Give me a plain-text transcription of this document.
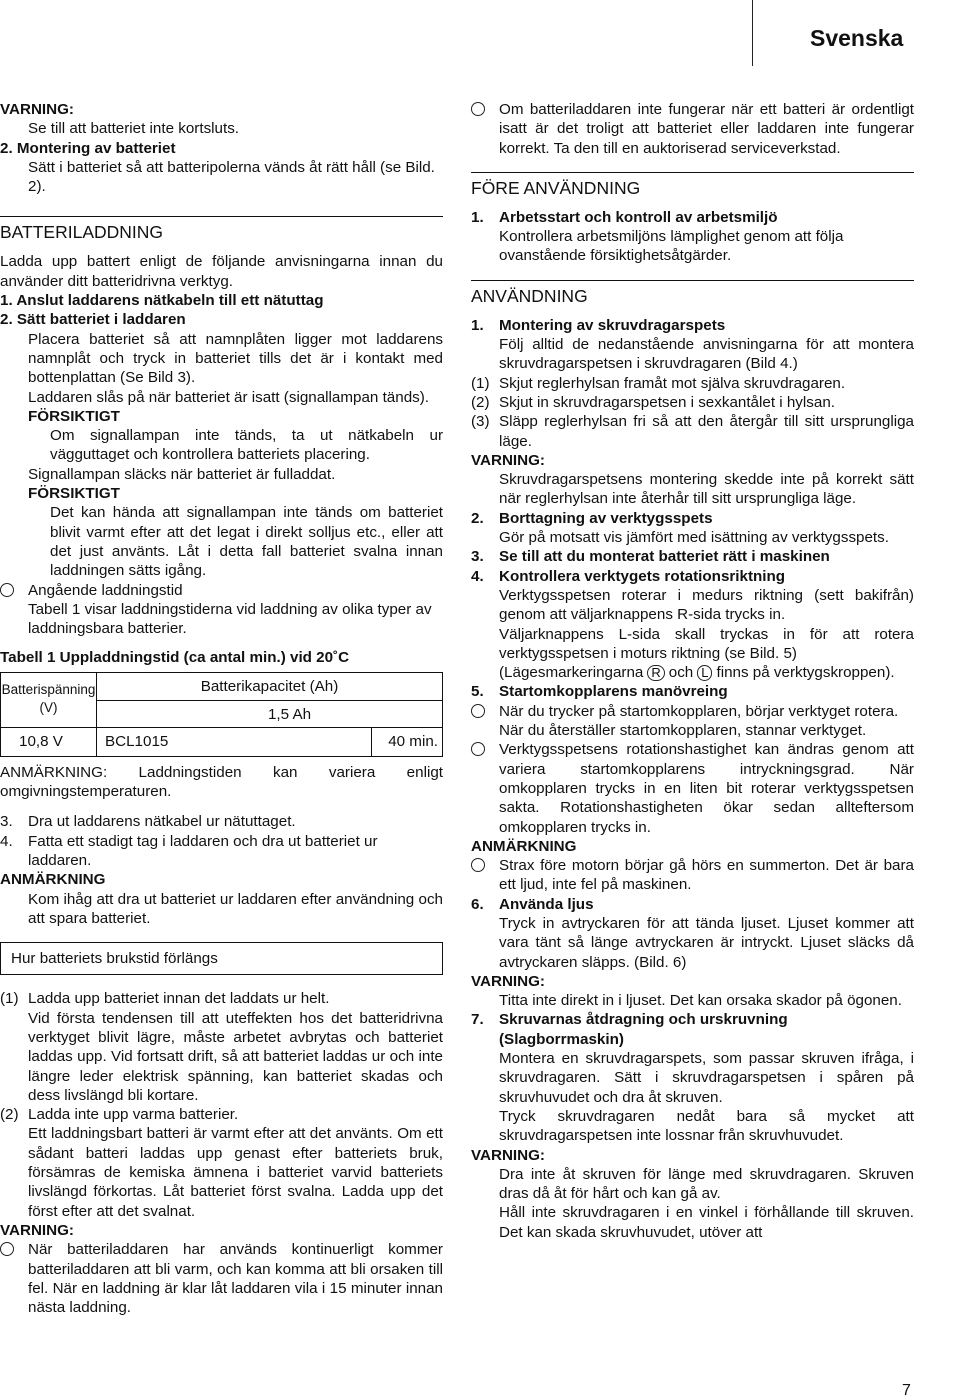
Svenska

VARNING:

Se till att batteriet inte kortsluts.

2. Montering av batteriet

Sätt i batteriet så att batteripolerna vänds åt rätt håll (se Bild. 2).

BATTERILADDNING

Ladda upp battert enligt de följande anvisningarna innan du använder ditt batteridrivna verktyg.

1. Anslut laddarens nätkabeln till ett nätuttag

2. Sätt batteriet i laddaren

Placera batteriet så att namnplåten ligger mot laddarens namnplåt och tryck in batteriet tills det är i kontakt med bottenplattan (Se Bild 3).

Laddaren slås på när batteriet är isatt (signallampan tänds).

FÖRSIKTIGT

Om signallampan inte tänds, ta ut nätkabeln ur vägguttaget och kontrollera batteriets placering.

Signallampan släcks när batteriet är fulladdat.

FÖRSIKTIGT

Det kan hända att signallampan inte tänds om batteriet blivit varmt efter att det legat i direkt solljus etc., eller att det just använts. Låt i detta fall batteriet svalna innan laddningen sätts igång.

Angående laddningstid

Tabell 1 visar laddningstiderna vid laddning av olika typer av laddningsbara batterier.

Tabell 1 Uppladdningstid (ca antal min.) vid 20˚C

Batterispänning (V)
Batterikapacitet (Ah)
1,5 Ah
10,8 V	BCL1015	40 min.

ANMÄRKNING: Laddningstiden kan variera enligt omgivningstemperaturen.

3.	Dra ut laddarens nätkabel ur nätuttaget.
4.	Fatta ett stadigt tag i laddaren och dra ut batteriet ur laddaren.

ANMÄRKNING

Kom ihåg att dra ut batteriet ur laddaren efter användning och att spara batteriet.

Hur batteriets brukstid förlängs
(1) Ladda upp batteriet innan det laddats ur helt.

Vid första tendensen till att uteffekten hos det batteridrivna verktyget blivit lägre, måste arbetet avbrytas och batteriet laddas upp. Vid fortsatt drift, så att batteriet laddas ur och inte längre leder elektrisk spänning, kan batteriet skadas och dess livslängd bli kortare.

(2) Ladda inte upp varma batterier.

Ett laddningsbart batteri är varmt efter att det använts. Om ett sådant batteri laddas upp genast efter batteriets bruk, försämras de kemiska ämnena i batteriet varvid batteriets livslängd förkortas. Låt batteriet först svalna. Ladda upp det först efter att det svalnat.

VARNING:

När batteriladdaren har används kontinuerligt kommer batteriladdaren att bli varm, och kan komma att bli orsaken till fel. När en laddning är klar låt laddaren vila i 15 minuter innan nästa laddning.
Om batteriladdaren inte fungerar när ett batteri är ordentligt isatt är det troligt att batteriet eller laddaren inte fungerar korrekt. Ta den till en auktoriserad serviceverkstad.
FÖRE ANVÄNDNING
1.	Arbetsstart och kontroll av arbetsmiljö

Kontrollera arbetsmiljöns lämplighet genom att följa ovanstående försiktighetsåtgärder.

ANVÄNDNING
1.	Montering av skruvdragarspets

Följ alltid de nedanstående anvisningarna för att montera skruvdragarspetsen i skruvdragaren (Bild 4.)

(1) Skjut reglerhylsan framåt mot själva skruvdragaren.
(2) Skjut in skruvdragarspetsen i sexkantålet i hylsan.
(3) Släpp reglerhylsan fri så att den återgår till sitt ursprungliga läge.

VARNING:

Skruvdragarspetsens montering skedde inte på korrekt sätt när reglerhylsan inte återhår till sitt ursprungliga läge.

2.	Borttagning av verktygsspets

Gör på motsatt vis jämfört med isättning av verktygsspets.

3.	Se till att du monterat batteriet rätt i maskinen
4.	Kontrollera verktygets rotationsriktning

Verktygsspetsen roterar i medurs riktning (sett bakifrån) genom att väljarknappens R-sida trycks in.

Väljarknappens L-sida skall tryckas in för att rotera verktygsspetsen i moturs riktning (se Bild. 5)

(Lägesmarkeringarna R och L finns på verktygskroppen).

5.	Startomkopplarens manövreing
När du trycker på startomkopplaren, börjar verktyget rotera.

När du återställer startomkopplaren, stannar verktyget.

Verktygsspetsens rotationshastighet kan ändras genom att variera startomkopplarens intryckningsgrad. När omkopplaren trycks in en liten bit roterar verktygsspetsen sakta. Rotationshastigheten ökar sedan allteftersom omkopplaren trycks in.

ANMÄRKNING

Strax före motorn börjar gå hörs en summerton. Det är bara ett ljud, inte fel på maskinen.
6.	Använda ljus

Tryck in avtryckaren för att tända ljuset. Ljuset kommer att vara tänt så länge avtryckaren är intryckt. Ljuset släcks då avtryckaren släpps. (Bild. 6)

VARNING:

Titta inte direkt in i ljuset. Det kan orsaka skador på ögonen.

7.	Skruvarnas åtdragning och urskruvning (Slagborrmaskin)

Montera en skruvdragarspets, som passar skruven ifråga, i skruvdragaren. Sätt i skruvdragarspetsen i spåren på skruvhuvudet och dra åt skruven.

Tryck skruvdragaren nedåt bara så mycket att skruvdragarspetsen inte lossnar från skruvhuvudet.

VARNING:

Dra inte åt skruven för länge med skruvdragaren. Skruven dras då åt för hårt och kan gå av.

Håll inte skruvdragaren i en vinkel i förhållande till skruven. Det kan skada skruvhuvudet, utöver att

7
